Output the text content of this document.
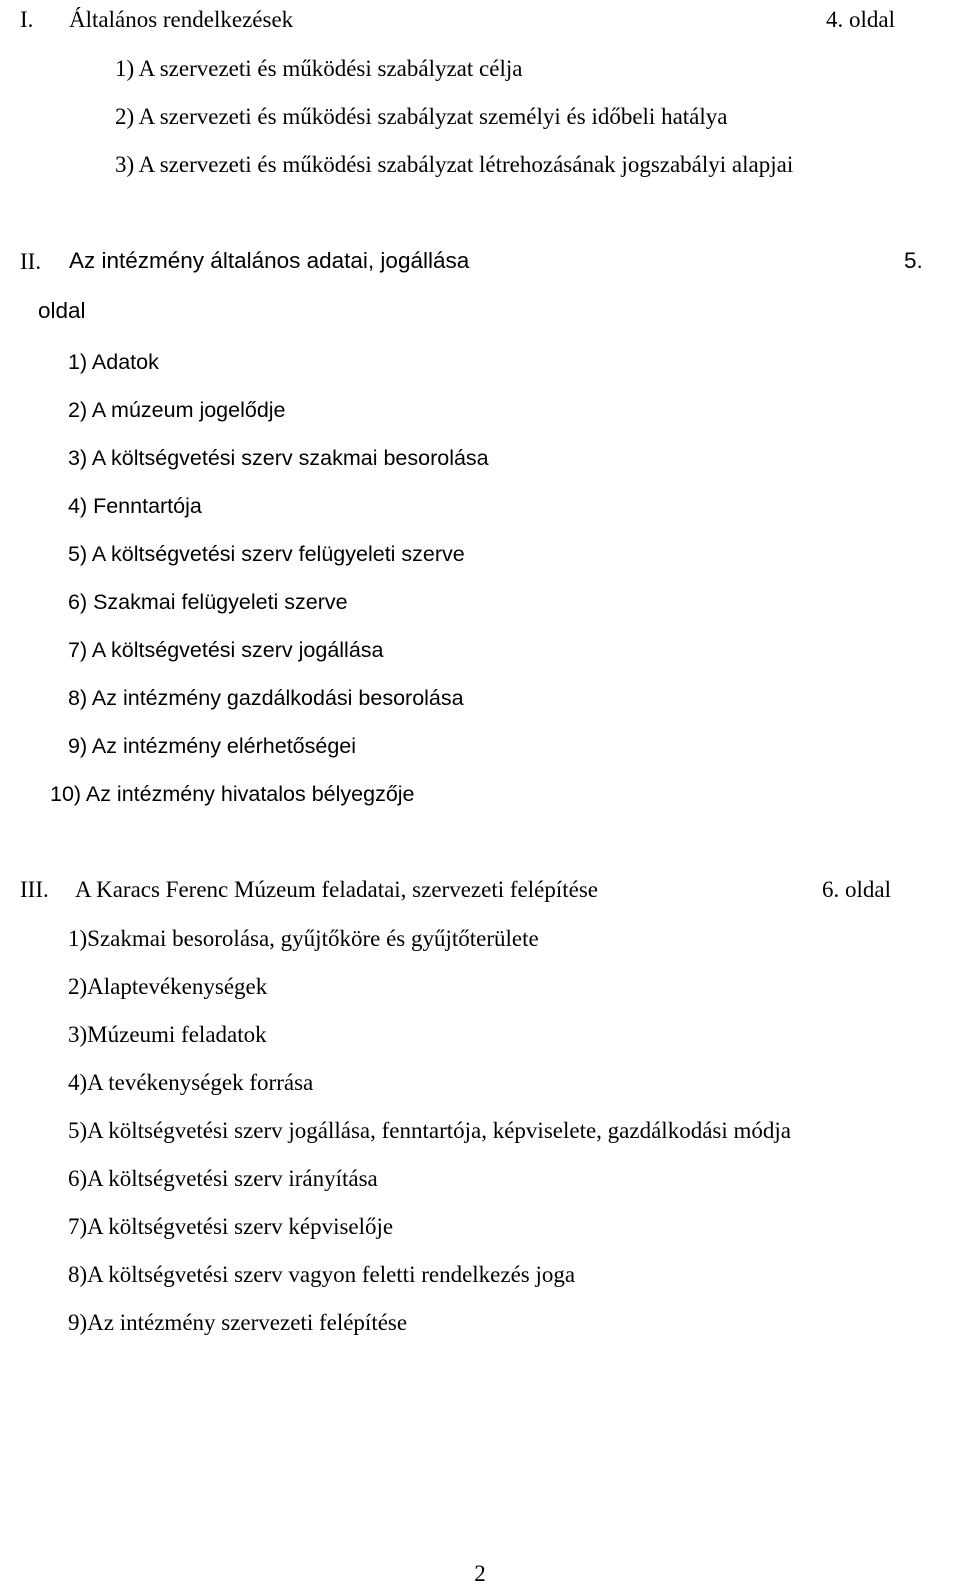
I. Általános rendelkezések	4. oldal
1) A szervezeti és működési szabályzat célja
2) A szervezeti és működési szabályzat személyi és időbeli hatálya
3) A szervezeti és működési szabályzat létrehozásának jogszabályi alapjai
II. Az intézmény általános adatai, jogállása	5.
oldal
1) Adatok
2) A múzeum jogelődje
3) A költségvetési szerv szakmai besorolása
4) Fenntartója
5) A költségvetési szerv felügyeleti szerve
6) Szakmai felügyeleti szerve
7) A költségvetési szerv jogállása
8) Az intézmény gazdálkodási besorolása
9) Az intézmény elérhetőségei
10) Az intézmény hivatalos bélyegzője
III. A Karacs Ferenc Múzeum feladatai, szervezeti felépítése	6. oldal
1)Szakmai besorolása, gyűjtőköre és gyűjtőterülete
2)Alaptevékenységek
3)Múzeumi feladatok
4)A tevékenységek forrása
5)A költségvetési szerv jogállása, fenntartója, képviselete, gazdálkodási módja
6)A költségvetési szerv irányítása
7)A költségvetési szerv képviselője
8)A költségvetési szerv vagyon feletti rendelkezés joga
9)Az intézmény szervezeti felépítése
2
